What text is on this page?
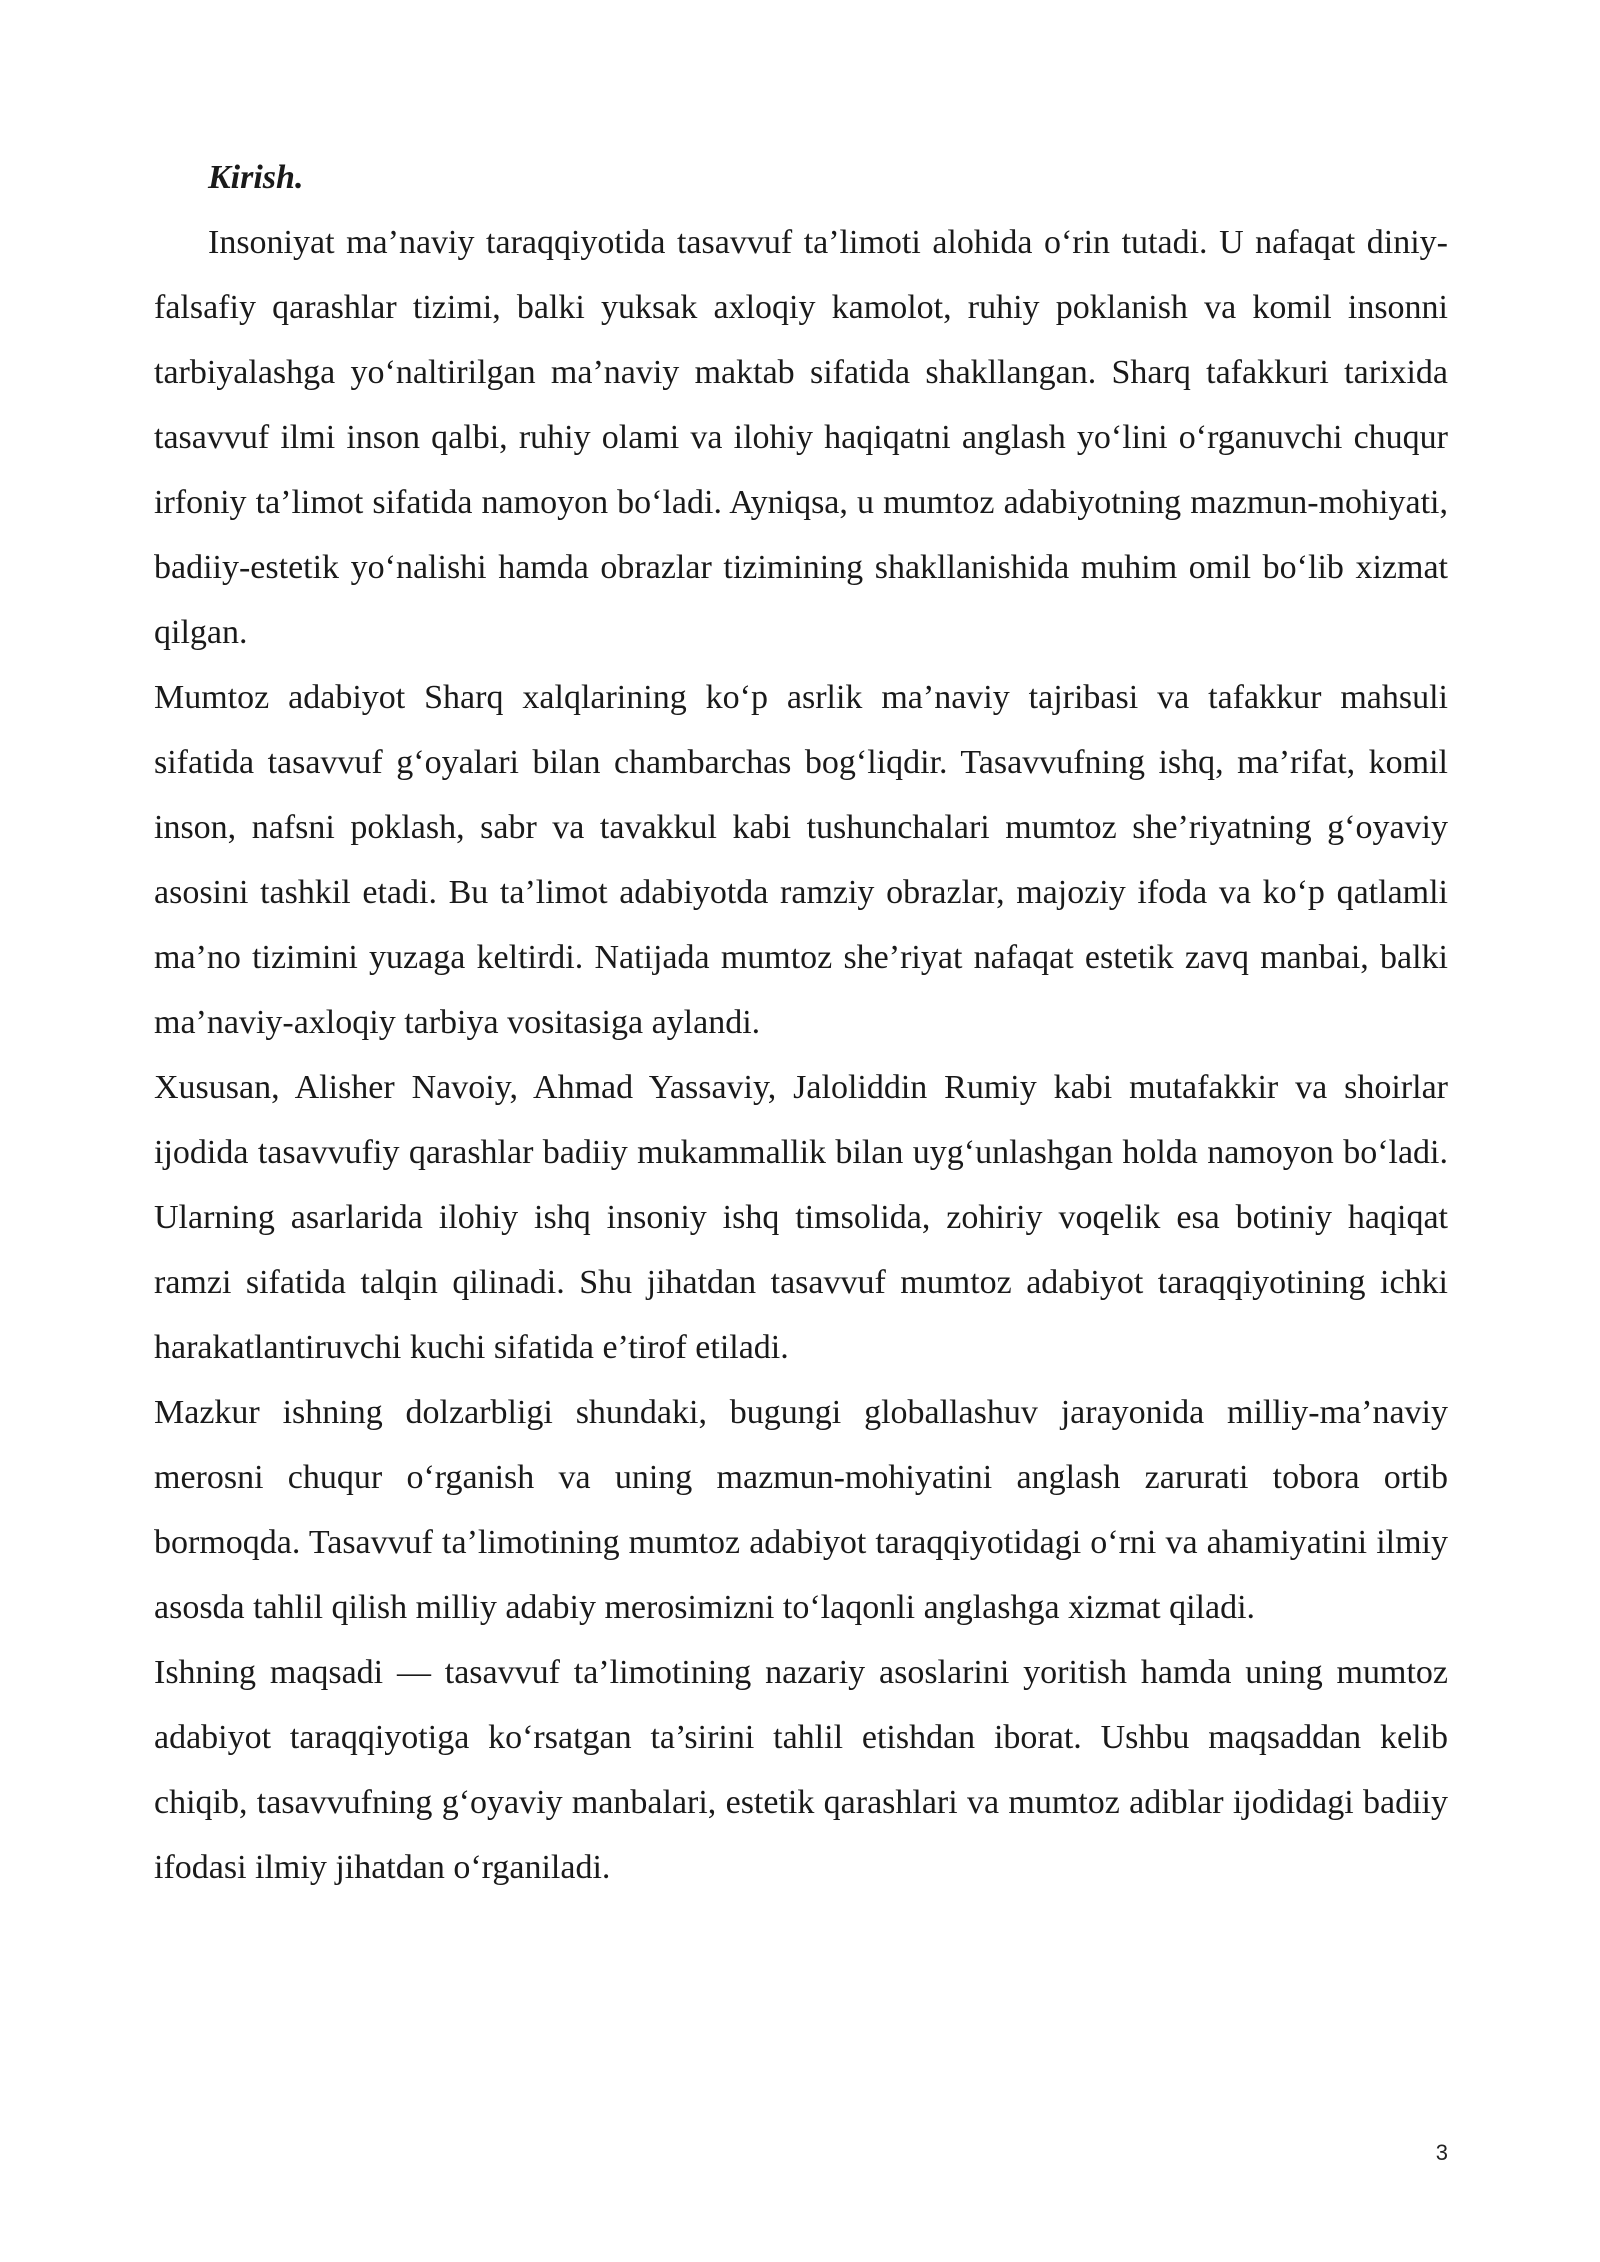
Kirish.

Insoniyat ma’naviy taraqqiyotida tasavvuf ta’limoti alohida o‘rin tutadi. U nafaqat diniy-falsafiy qarashlar tizimi, balki yuksak axloqiy kamolot, ruhiy poklanish va komil insonni tarbiyalashga yo‘naltirilgan ma’naviy maktab sifatida shakllangan. Sharq tafakkuri tarixida tasavvuf ilmi inson qalbi, ruhiy olami va ilohiy haqiqatni anglash yo‘lini o‘rganuvchi chuqur irfoniy ta’limot sifatida namoyon bo‘ladi. Ayniqsa, u mumtoz adabiyotning mazmun-mohiyati, badiiy-estetik yo‘nalishi hamda obrazlar tizimining shakllanishida muhim omil bo‘lib xizmat qilgan.

Mumtoz adabiyot Sharq xalqlarining ko‘p asrlik ma’naviy tajribasi va tafakkur mahsuli sifatida tasavvuf g‘oyalari bilan chambarchas bog‘liqdir. Tasavvufning ishq, ma’rifat, komil inson, nafsni poklash, sabr va tavakkul kabi tushunchalari mumtoz she’riyatning g‘oyaviy asosini tashkil etadi. Bu ta’limot adabiyotda ramziy obrazlar, majoziy ifoda va ko‘p qatlamli ma’no tizimini yuzaga keltirdi. Natijada mumtoz she’riyat nafaqat estetik zavq manbai, balki ma’naviy-axloqiy tarbiya vositasiga aylandi.

Xususan, Alisher Navoiy, Ahmad Yassaviy, Jaloliddin Rumiy kabi mutafakkir va shoirlar ijodida tasavvufiy qarashlar badiiy mukammallik bilan uyg‘unlashgan holda namoyon bo‘ladi. Ularning asarlarida ilohiy ishq insoniy ishq timsolida, zohiriy voqelik esa botiniy haqiqat ramzi sifatida talqin qilinadi. Shu jihatdan tasavvuf mumtoz adabiyot taraqqiyotining ichki harakatlantiruvchi kuchi sifatida e’tirof etiladi.

Mazkur ishning dolzarbligi shundaki, bugungi globallashuv jarayonida milliy-ma’naviy merosni chuqur o‘rganish va uning mazmun-mohiyatini anglash zarurati tobora ortib bormoqda. Tasavvuf ta’limotining mumtoz adabiyot taraqqiyotidagi o‘rni va ahamiyatini ilmiy asosda tahlil qilish milliy adabiy merosimizni to‘laqonli anglashga xizmat qiladi.

Ishning maqsadi — tasavvuf ta’limotining nazariy asoslarini yoritish hamda uning mumtoz adabiyot taraqqiyotiga ko‘rsatgan ta’sirini tahlil etishdan iborat. Ushbu maqsaddan kelib chiqib, tasavvufning g‘oyaviy manbalari, estetik qarashlari va mumtoz adiblar ijodidagi badiiy ifodasi ilmiy jihatdan o‘rganiladi.

3
